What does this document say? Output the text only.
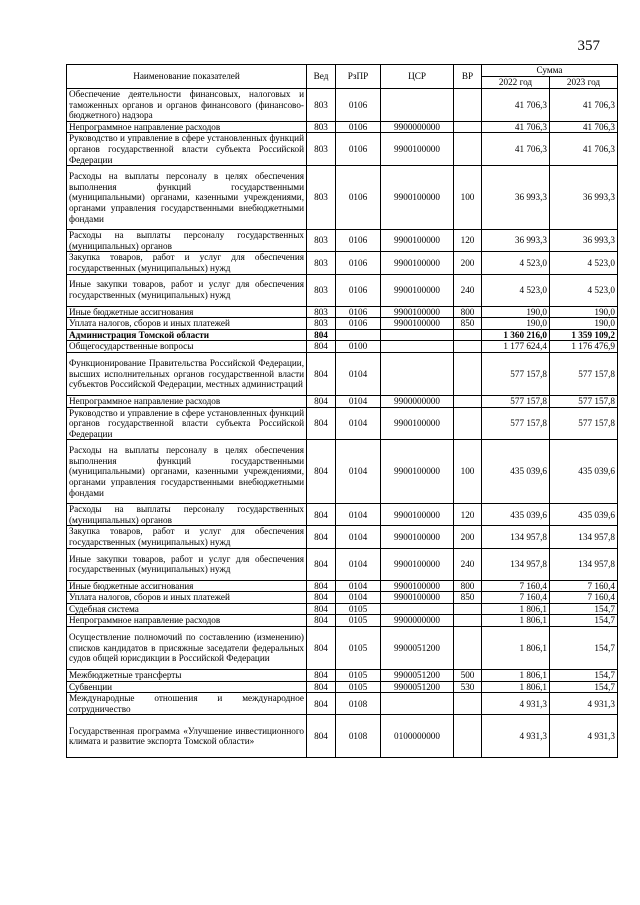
357
Наименование показателей	Вед	РзПР	ЦСР	ВР	Сумма	
					2022 год	2023 год
Обеспечение деятельности финансовых, налоговых и таможенных органов и органов финансового (финансово-бюджетного) надзора	803	0106			41 706,3	41 706,3
Непрограммное направление расходов	803	0106	9900000000		41 706,3	41 706,3
Руководство и управление в сфере установленных функций органов государственной власти субъекта Российской Федерации	803	0106	9900100000		41 706,3	41 706,3
Расходы на выплаты персоналу в целях обеспечения выполнения функций государственными (муниципальными) органами, казенными учреждениями, органами управления государственными внебюджетными фондами	803	0106	9900100000	100	36 993,3	36 993,3
Расходы на выплаты персоналу государственных (муниципальных) органов	803	0106	9900100000	120	36 993,3	36 993,3
Закупка товаров, работ и услуг для обеспечения государственных (муниципальных) нужд	803	0106	9900100000	200	4 523,0	4 523,0
Иные закупки товаров, работ и услуг для обеспечения государственных (муниципальных) нужд	803	0106	9900100000	240	4 523,0	4 523,0
Иные бюджетные ассигнования	803	0106	9900100000	800	190,0	190,0
Уплата налогов, сборов и иных платежей	803	0106	9900100000	850	190,0	190,0
Администрация Томской области	804				1 360 216,0	1 359 109,2
Общегосударственные вопросы	804	0100			1 177 624,4	1 176 476,9
Функционирование Правительства Российской Федерации, высших исполнительных органов государственной власти субъектов Российской Федерации, местных администраций	804	0104			577 157,8	577 157,8
Непрограммное направление расходов	804	0104	9900000000		577 157,8	577 157,8
Руководство и управление в сфере установленных функций органов государственной власти субъекта Российской Федерации	804	0104	9900100000		577 157,8	577 157,8
Расходы на выплаты персоналу в целях обеспечения выполнения функций государственными (муниципальными) органами, казенными учреждениями, органами управления государственными внебюджетными фондами	804	0104	9900100000	100	435 039,6	435 039,6
Расходы на выплаты персоналу государственных (муниципальных) органов	804	0104	9900100000	120	435 039,6	435 039,6
Закупка товаров, работ и услуг для обеспечения государственных (муниципальных) нужд	804	0104	9900100000	200	134 957,8	134 957,8
Иные закупки товаров, работ и услуг для обеспечения государственных (муниципальных) нужд	804	0104	9900100000	240	134 957,8	134 957,8
Иные бюджетные ассигнования	804	0104	9900100000	800	7 160,4	7 160,4
Уплата налогов, сборов и иных платежей	804	0104	9900100000	850	7 160,4	7 160,4
Судебная система	804	0105			1 806,1	154,7
Непрограммное направление расходов	804	0105	9900000000		1 806,1	154,7
Осуществление полномочий по составлению (изменению) списков кандидатов в присяжные заседатели федеральных судов общей юрисдикции в Российской Федерации	804	0105	9900051200		1 806,1	154,7
Межбюджетные трансферты	804	0105	9900051200	500	1 806,1	154,7
Субвенции	804	0105	9900051200	530	1 806,1	154,7
Международные отношения и международное сотрудничество	804	0108			4 931,3	4 931,3
Государственная программа «Улучшение инвестиционного климата и развитие экспорта Томской области»	804	0108	0100000000		4 931,3	4 931,3
